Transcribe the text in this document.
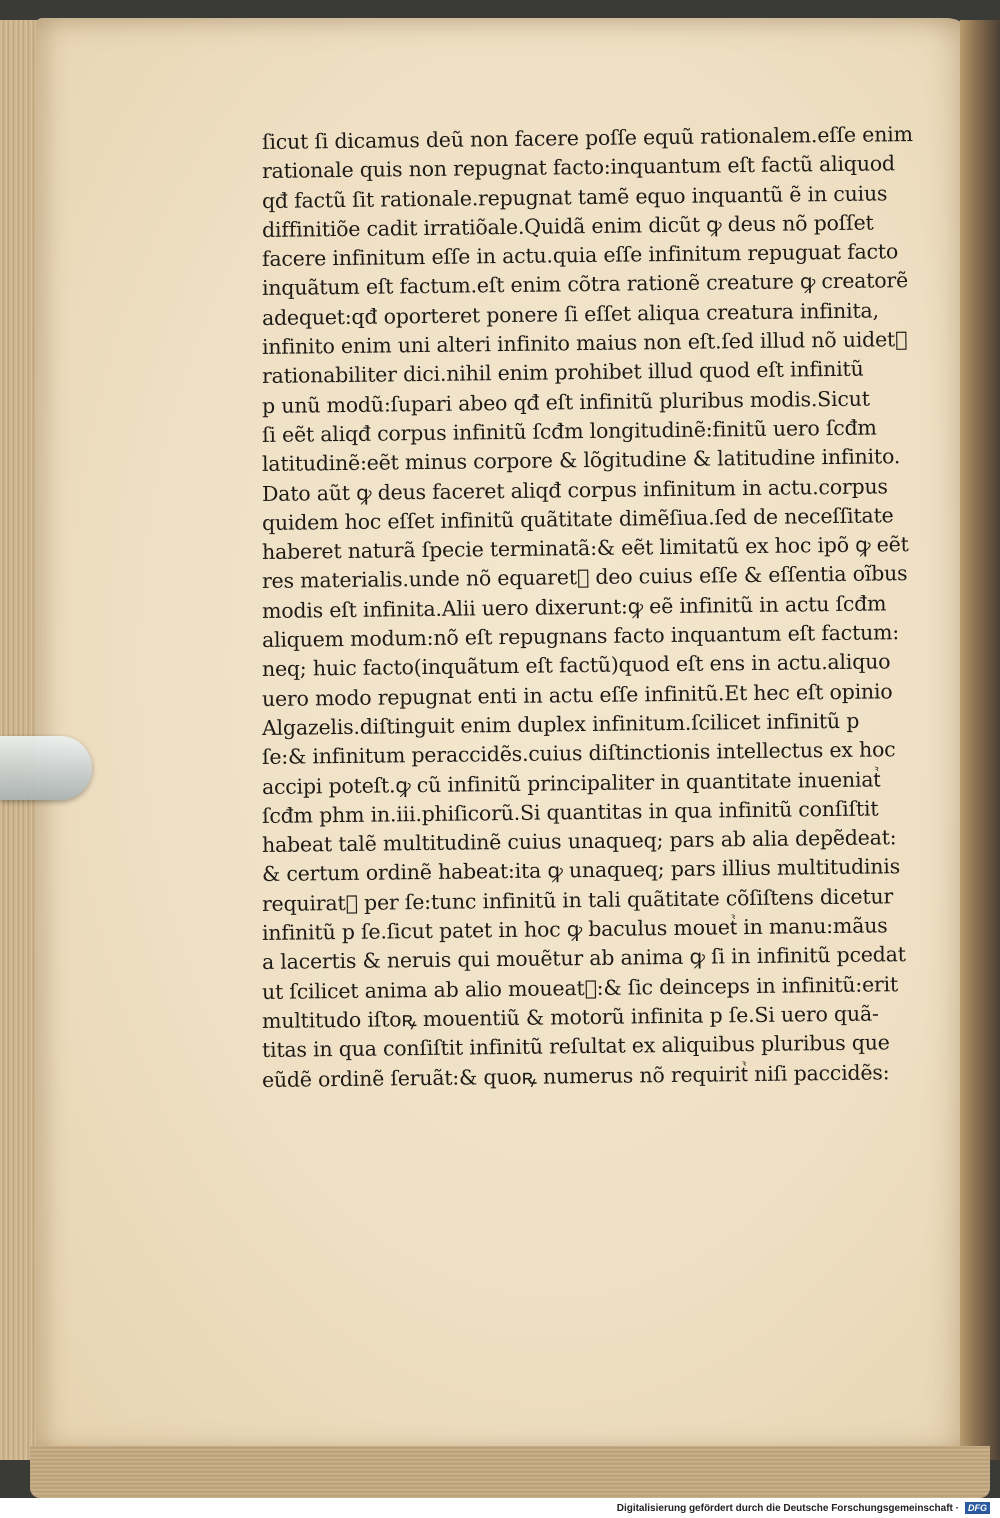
ſicut ſi dicamus deũ non facere poſſe equũ rationalem.eſſe enim
rationale quis non repugnat facto:inquantum eſt factũ aliquod
qđ factũ ſit rationale.repugnat tamẽ equo inquantũ ẽ in cuius
diffinitiõe cadit irratiõale.Quidã enim dicũt ꝙ deus nõ poſſet
facere infinitum eſſe in actu.quia eſſe infinitum repuguat facto
inquãtum eſt factum.eſt enim cõtra rationẽ creature ꝙ creatorẽ
adequet:qđ oporteret ponere ſi eſſet aliqua creatura infinita,
infinito enim uni alteri infinito maius non eſt.ſed illud nõ uidetᷣ
rationabiliter dici.nihil enim prohibet illud quod eſt infinitũ
p unũ modũ:ſupari abeo qđ eſt infinitũ pluribus modis.Sicut
ſi eẽt aliqđ corpus infinitũ ſcđm longitudinẽ:finitũ uero ſcđm
latitudinẽ:eẽt minus corpore & lõgitudine & latitudine infinito.
Dato aũt ꝙ deus faceret aliqđ corpus infinitum in actu.corpus
quidem hoc eſſet infinitũ quãtitate dimẽſiua.ſed de neceſſitate
haberet naturã ſpecie terminatã:& eẽt limitatũ ex hoc ipõ ꝙ eẽt
res materialis.unde nõ equaretᷣ deo cuius eſſe & eſſentia oĩbus
modis eſt infinita.Alii uero dixerunt:ꝙ eẽ infinitũ in actu ſcđm
aliquem modum:nõ eſt repugnans facto inquantum eſt factum:
neq; huic facto(inquãtum eſt factũ)quod eſt ens in actu.aliquo
uero modo repugnat enti in actu eſſe infinitũ.Et hec eſt opinio
Algazelis.diſtinguit enim duplex infinitum.ſcilicet infinitũ p
ſe:& infinitum peraccidẽs.cuius diſtinctionis intellectus ex hoc
accipi poteſt.ꝙ cũ infinitũ principaliter in quantitate inueniatᷣ
ſcđm phm in.iii.phiſicorũ.Si quantitas in qua infinitũ conſiſtit
habeat talẽ multitudinẽ cuius unaqueq; pars ab alia depẽdeat:
& certum ordinẽ habeat:ita ꝙ unaqueq; pars illius multitudinis
requiratᷣ per ſe:tunc infinitũ in tali quãtitate cõſiſtens dicetur
infinitũ p ſe.ſicut patet in hoc ꝙ baculus mouetᷣ in manu:mãus
a lacertis & neruis qui mouẽtur ab anima ꝙ ſi in infinitũ pcedat
ut ſcilicet anima ab alio moueatᷣ:& ſic deinceps in infinitũ:erit
multitudo iſtoꝶ mouentiũ & motorũ infinita p ſe.Si uero quã-
titas in qua conſiſtit infinitũ reſultat ex aliquibus pluribus que
eũdẽ ordinẽ ſeruãt:& quoꝶ numerus nõ requiritᷣ niſi paccidẽs:
Digitalisierung gefördert durch die Deutsche Forschungsgemeinschaft ·	DFG
